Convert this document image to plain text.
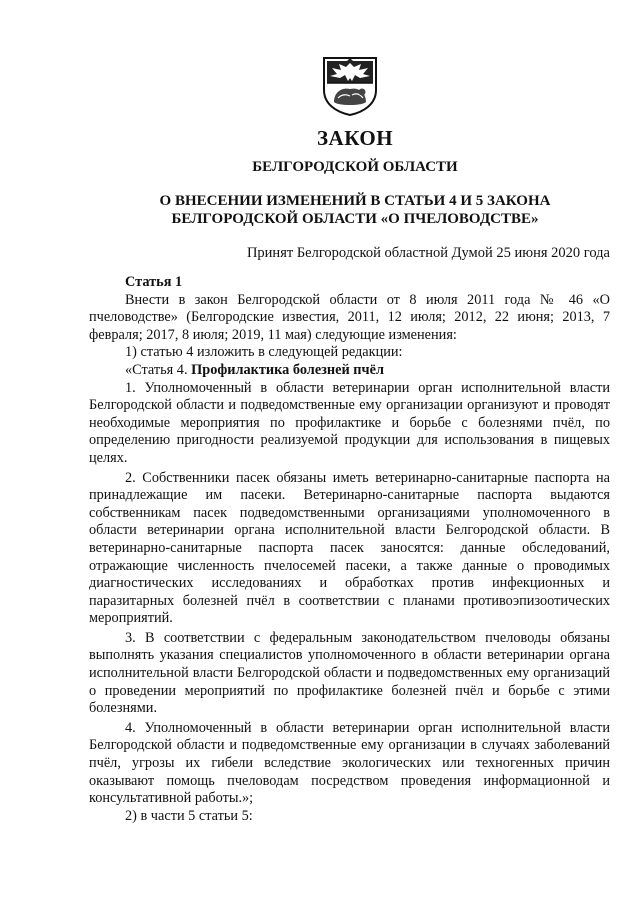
ЗАКОН
БЕЛГОРОДСКОЙ ОБЛАСТИ
О ВНЕСЕНИИ ИЗМЕНЕНИЙ В СТАТЬИ 4 И 5 ЗАКОНА
БЕЛГОРОДСКОЙ ОБЛАСТИ «О ПЧЕЛОВОДСТВЕ»
Принят Белгородской областной Думой 25 июня 2020 года

Статья 1

Внести в закон Белгородской области от 8 июля 2011 года № 46 «О пчеловодстве» (Белгородские известия, 2011, 12 июля; 2012, 22 июня; 2013, 7 февраля; 2017, 8 июля; 2019, 11 мая) следующие изменения:

1) статью 4 изложить в следующей редакции:

«Статья 4. Профилактика болезней пчёл

1. Уполномоченный в области ветеринарии орган исполнительной власти Белгородской области и подведомственные ему организации организуют и проводят необходимые мероприятия по профилактике и борьбе с болезнями пчёл, по определению пригодности реализуемой продукции для использования в пищевых целях.

2. Собственники пасек обязаны иметь ветеринарно-санитарные паспорта на принадлежащие им пасеки. Ветеринарно-санитарные паспорта выдаются собственникам пасек подведомственными организациями уполномоченного в области ветеринарии органа исполнительной власти Белгородской области. В ветеринарно-санитарные паспорта пасек заносятся: данные обследований, отражающие численность пчелосемей пасеки, а также данные о проводимых диагностических исследованиях и обработках против инфекционных и паразитарных болезней пчёл в соответствии с планами противоэпизоотических мероприятий.

3. В соответствии с федеральным законодательством пчеловоды обязаны выполнять указания специалистов уполномоченного в области ветеринарии органа исполнительной власти Белгородской области и подведомственных ему организаций о проведении мероприятий по профилактике болезней пчёл и борьбе с этими болезнями.

4. Уполномоченный в области ветеринарии орган исполнительной власти Белгородской области и подведомственные ему организации в случаях заболеваний пчёл, угрозы их гибели вследствие экологических или техногенных причин оказывают помощь пчеловодам посредством проведения информационной и консультативной работы.»;

2) в части 5 статьи 5:
